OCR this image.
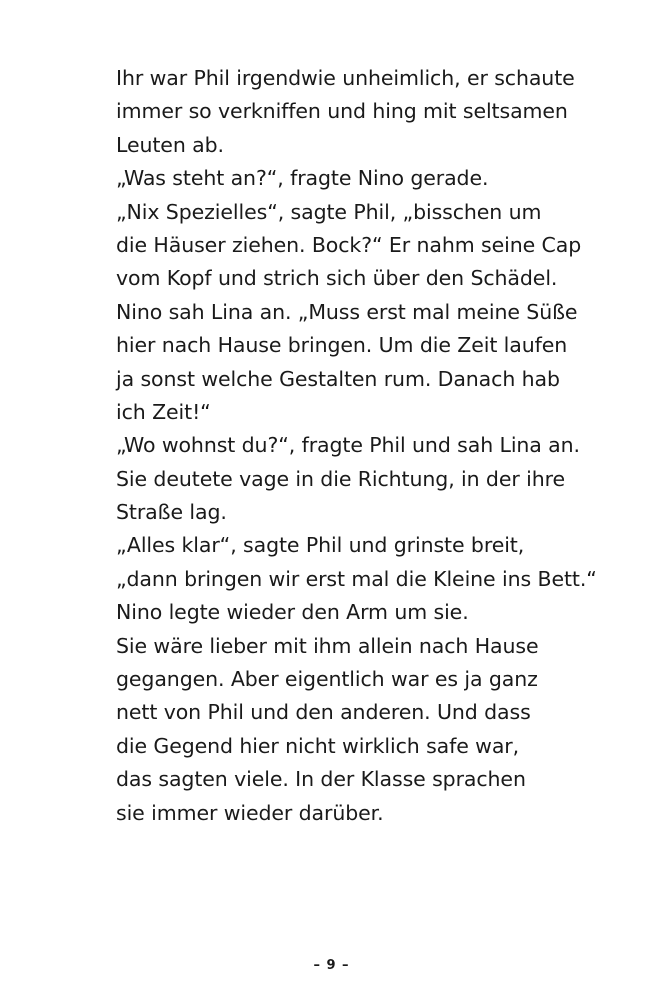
Ihr war Phil irgendwie unheimlich, er schaute
immer so verkniffen und hing mit seltsamen
Leuten ab.
„Was steht an?“, fragte Nino gerade.
„Nix Spezielles“, sagte Phil, „bisschen um
die Häuser ziehen. Bock?“ Er nahm seine Cap
vom Kopf und strich sich über den Schädel.
Nino sah Lina an. „Muss erst mal meine Süße
hier nach Hause bringen. Um die Zeit laufen
ja sonst welche Gestalten rum. Danach hab
ich Zeit!“
„Wo wohnst du?“, fragte Phil und sah Lina an.
Sie deutete vage in die Richtung, in der ihre
Straße lag.
„Alles klar“, sagte Phil und grinste breit,
„dann bringen wir erst mal die Kleine ins Bett.“
Nino legte wieder den Arm um sie.
Sie wäre lieber mit ihm allein nach Hause
gegangen. Aber eigentlich war es ja ganz
nett von Phil und den anderen. Und dass
die Gegend hier nicht wirklich safe war,
das sagten viele. In der Klasse sprachen
sie immer wieder darüber.
– 9 –
